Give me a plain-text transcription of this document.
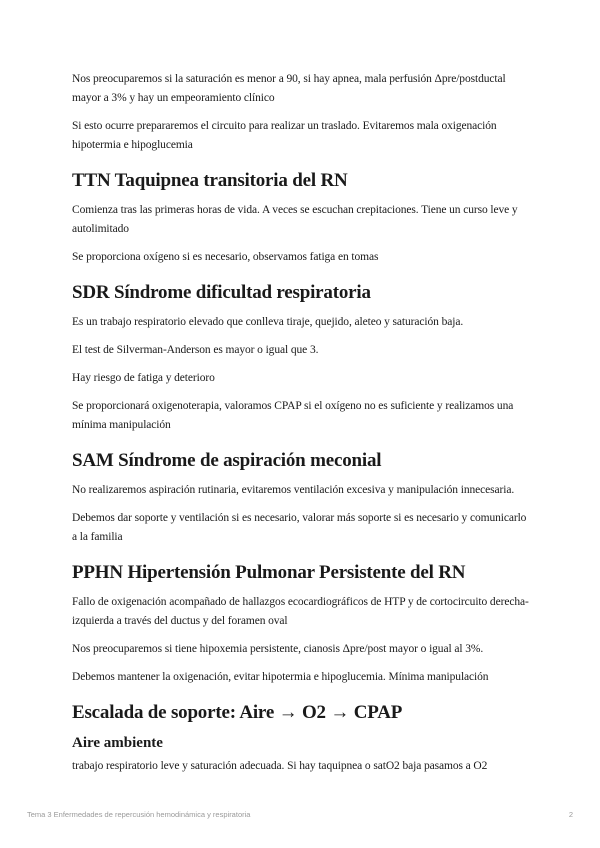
Nos preocuparemos si la saturación es menor a 90, si hay apnea, mala perfusión Δpre/postductal mayor a 3% y hay un empeoramiento clínico

Si esto ocurre prepararemos el circuito para realizar un traslado. Evitaremos mala oxigenación hipotermia e hipoglucemia

TTN Taquipnea transitoria del RN

Comienza tras las primeras horas de vida. A veces se escuchan crepitaciones. Tiene un curso leve y autolimitado

Se proporciona oxígeno si es necesario, observamos fatiga en tomas

SDR Síndrome dificultad respiratoria

Es un trabajo respiratorio elevado que conlleva tiraje, quejido, aleteo y saturación baja.

El test de Silverman-Anderson es mayor o igual que 3.

Hay riesgo de fatiga y deterioro

Se proporcionará oxigenoterapia, valoramos CPAP si el oxígeno no es suficiente y realizamos una mínima manipulación

SAM Síndrome de aspiración meconial

No realizaremos aspiración rutinaria, evitaremos ventilación excesiva y manipulación innecesaria.

Debemos dar soporte y ventilación si es necesario, valorar más soporte si es necesario y comunicarlo a la familia

PPHN Hipertensión Pulmonar Persistente del RN

Fallo de oxigenación acompañado de hallazgos ecocardiográficos de HTP y de cortocircuito derecha-izquierda a través del ductus y del foramen oval

Nos preocuparemos si tiene hipoxemia persistente, cianosis Δpre/post mayor o igual al 3%.

Debemos mantener la oxigenación, evitar hipotermia e hipoglucemia. Mínima manipulación

Escalada de soporte: Aire → O2 → CPAP
Aire ambiente

trabajo respiratorio leve y saturación adecuada. Si hay taquipnea o satO2 baja pasamos a O2

Tema 3 Enfermedades de repercusión hemodinámica y respiratoria	2
